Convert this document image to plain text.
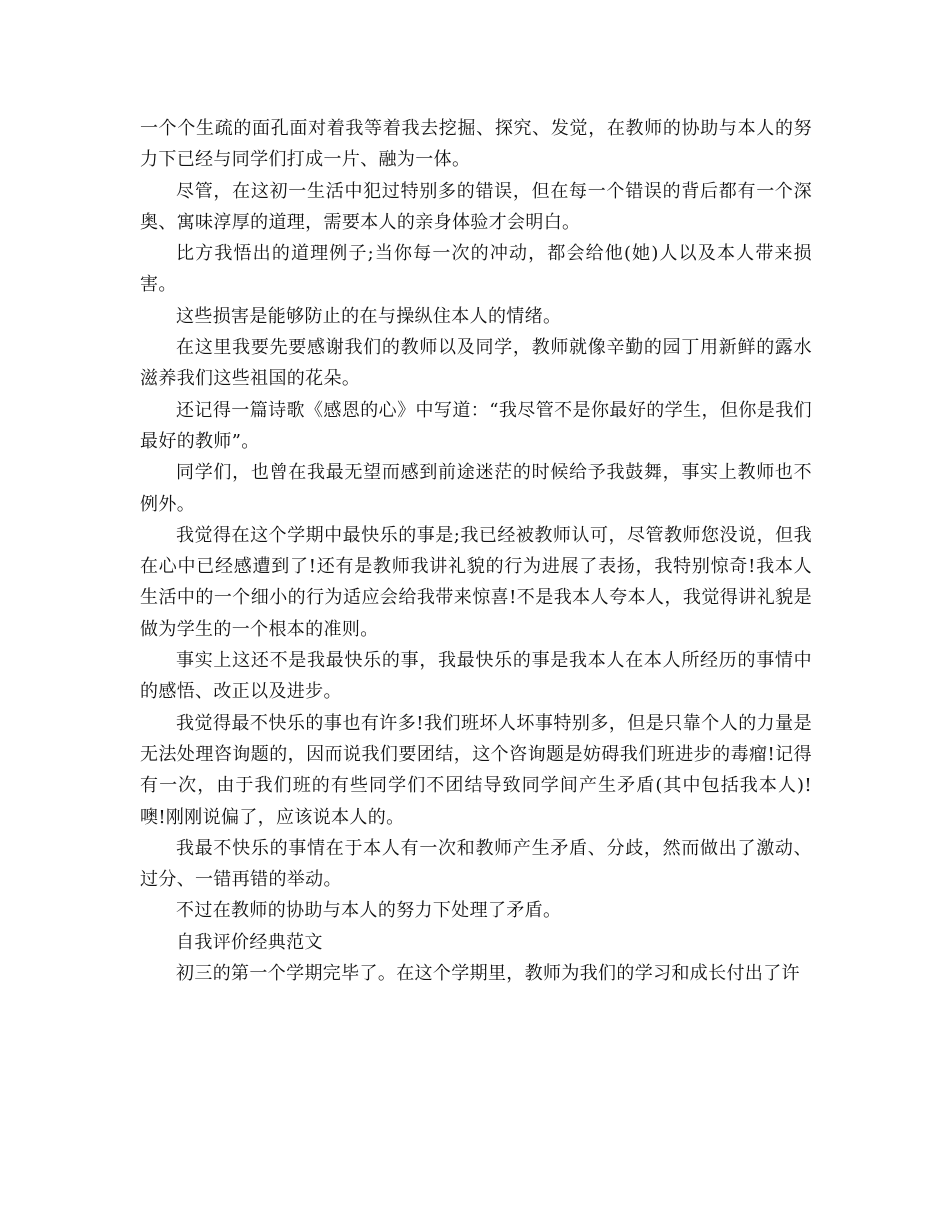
一个个生疏的面孔面对着我等着我去挖掘、探究、发觉，在教师的协助与本人的努力下已经与同学们打成一片、融为一体。

尽管，在这初一生活中犯过特别多的错误，但在每一个错误的背后都有一个深奥、寓味淳厚的道理，需要本人的亲身体验才会明白。

比方我悟出的道理例子;当你每一次的冲动，都会给他(她)人以及本人带来损害。

这些损害是能够防止的在与操纵住本人的情绪。

在这里我要先要感谢我们的教师以及同学，教师就像辛勤的园丁用新鲜的露水滋养我们这些祖国的花朵。

还记得一篇诗歌《感恩的心》中写道：“我尽管不是你最好的学生，但你是我们最好的教师”。

同学们，也曾在我最无望而感到前途迷茫的时候给予我鼓舞，事实上教师也不例外。

我觉得在这个学期中最快乐的事是;我已经被教师认可，尽管教师您没说，但我在心中已经感遭到了!还有是教师我讲礼貌的行为进展了表扬，我特别惊奇!我本人生活中的一个细小的行为适应会给我带来惊喜!不是我本人夸本人，我觉得讲礼貌是做为学生的一个根本的准则。

事实上这还不是我最快乐的事，我最快乐的事是我本人在本人所经历的事情中的感悟、改正以及进步。

我觉得最不快乐的事也有许多!我们班坏人坏事特别多，但是只靠个人的力量是无法处理咨询题的，因而说我们要团结，这个咨询题是妨碍我们班进步的毒瘤!记得有一次，由于我们班的有些同学们不团结导致同学间产生矛盾(其中包括我本人)!噢!刚刚说偏了，应该说本人的。

我最不快乐的事情在于本人有一次和教师产生矛盾、分歧，然而做出了激动、过分、一错再错的举动。

不过在教师的协助与本人的努力下处理了矛盾。

自我评价经典范文

初三的第一个学期完毕了。在这个学期里，教师为我们的学习和成长付出了许
